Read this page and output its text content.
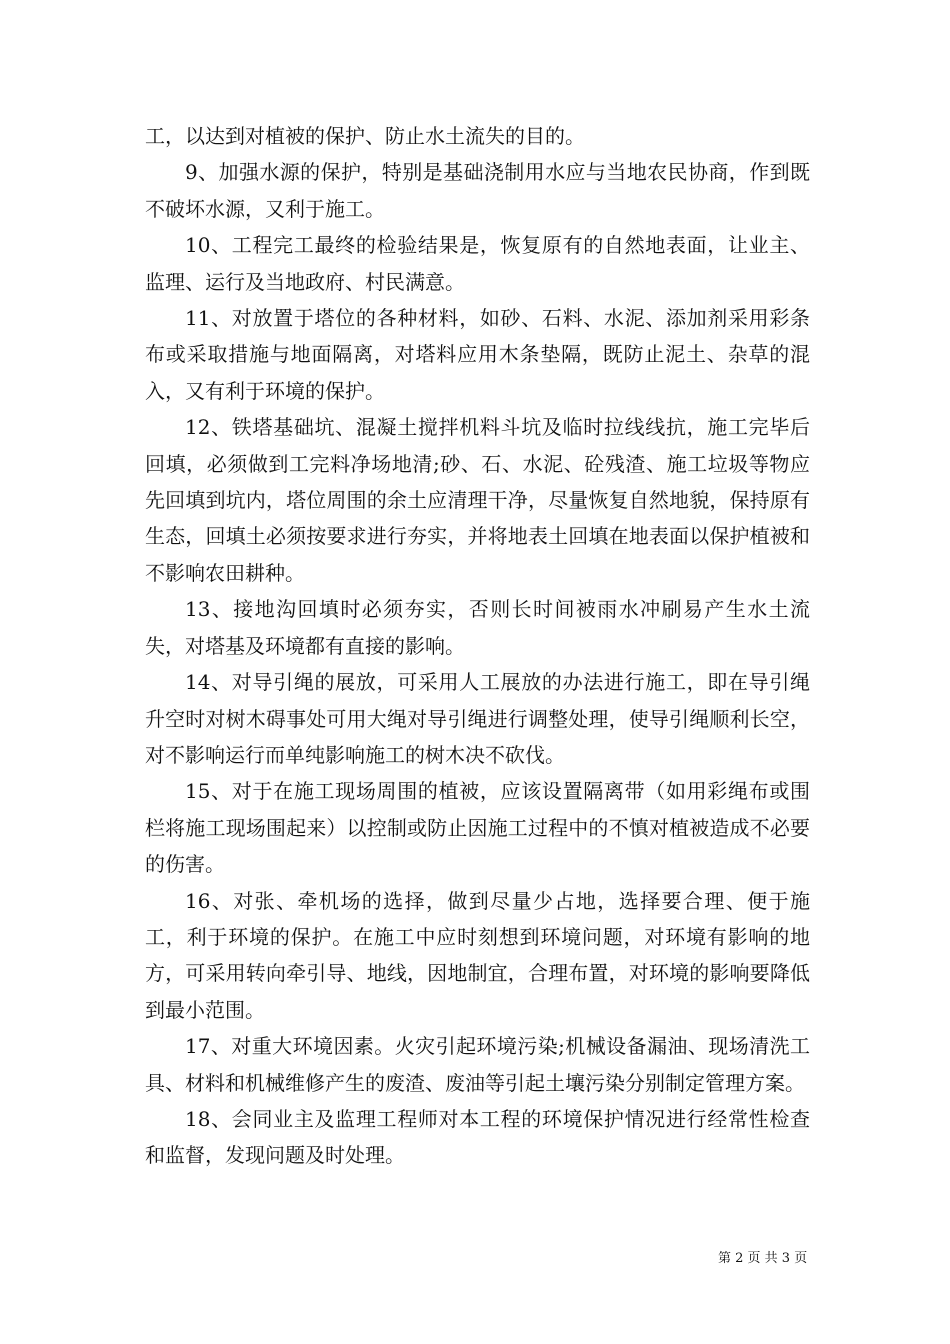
工，以达到对植被的保护、防止水土流失的目的。

9、加强水源的保护，特别是基础浇制用水应与当地农民协商，作到既不破坏水源，又利于施工。

10、工程完工最终的检验结果是，恢复原有的自然地表面，让业主、监理、运行及当地政府、村民满意。

11、对放置于塔位的各种材料，如砂、石料、水泥、添加剂采用彩条布或采取措施与地面隔离，对塔料应用木条垫隔，既防止泥土、杂草的混入，又有利于环境的保护。

12、铁塔基础坑、混凝土搅拌机料斗坑及临时拉线线抗，施工完毕后回填，必须做到工完料净场地清;砂、石、水泥、砼残渣、施工垃圾等物应先回填到坑内，塔位周围的余土应清理干净，尽量恢复自然地貌，保持原有生态，回填土必须按要求进行夯实，并将地表土回填在地表面以保护植被和不影响农田耕种。

13、接地沟回填时必须夯实，否则长时间被雨水冲刷易产生水土流失，对塔基及环境都有直接的影响。

14、对导引绳的展放，可采用人工展放的办法进行施工，即在导引绳升空时对树木碍事处可用大绳对导引绳进行调整处理，使导引绳顺利长空，对不影响运行而单纯影响施工的树木决不砍伐。

15、对于在施工现场周围的植被，应该设置隔离带（如用彩绳布或围栏将施工现场围起来）以控制或防止因施工过程中的不慎对植被造成不必要的伤害。

16、对张、牵机场的选择，做到尽量少占地，选择要合理、便于施工，利于环境的保护。在施工中应时刻想到环境问题，对环境有影响的地方，可采用转向牵引导、地线，因地制宜，合理布置，对环境的影响要降低到最小范围。

17、对重大环境因素。火灾引起环境污染;机械设备漏油、现场清洗工具、材料和机械维修产生的废渣、废油等引起土壤污染分别制定管理方案。

18、会同业主及监理工程师对本工程的环境保护情况进行经常性检查和监督，发现问题及时处理。

第 2 页 共 3 页
